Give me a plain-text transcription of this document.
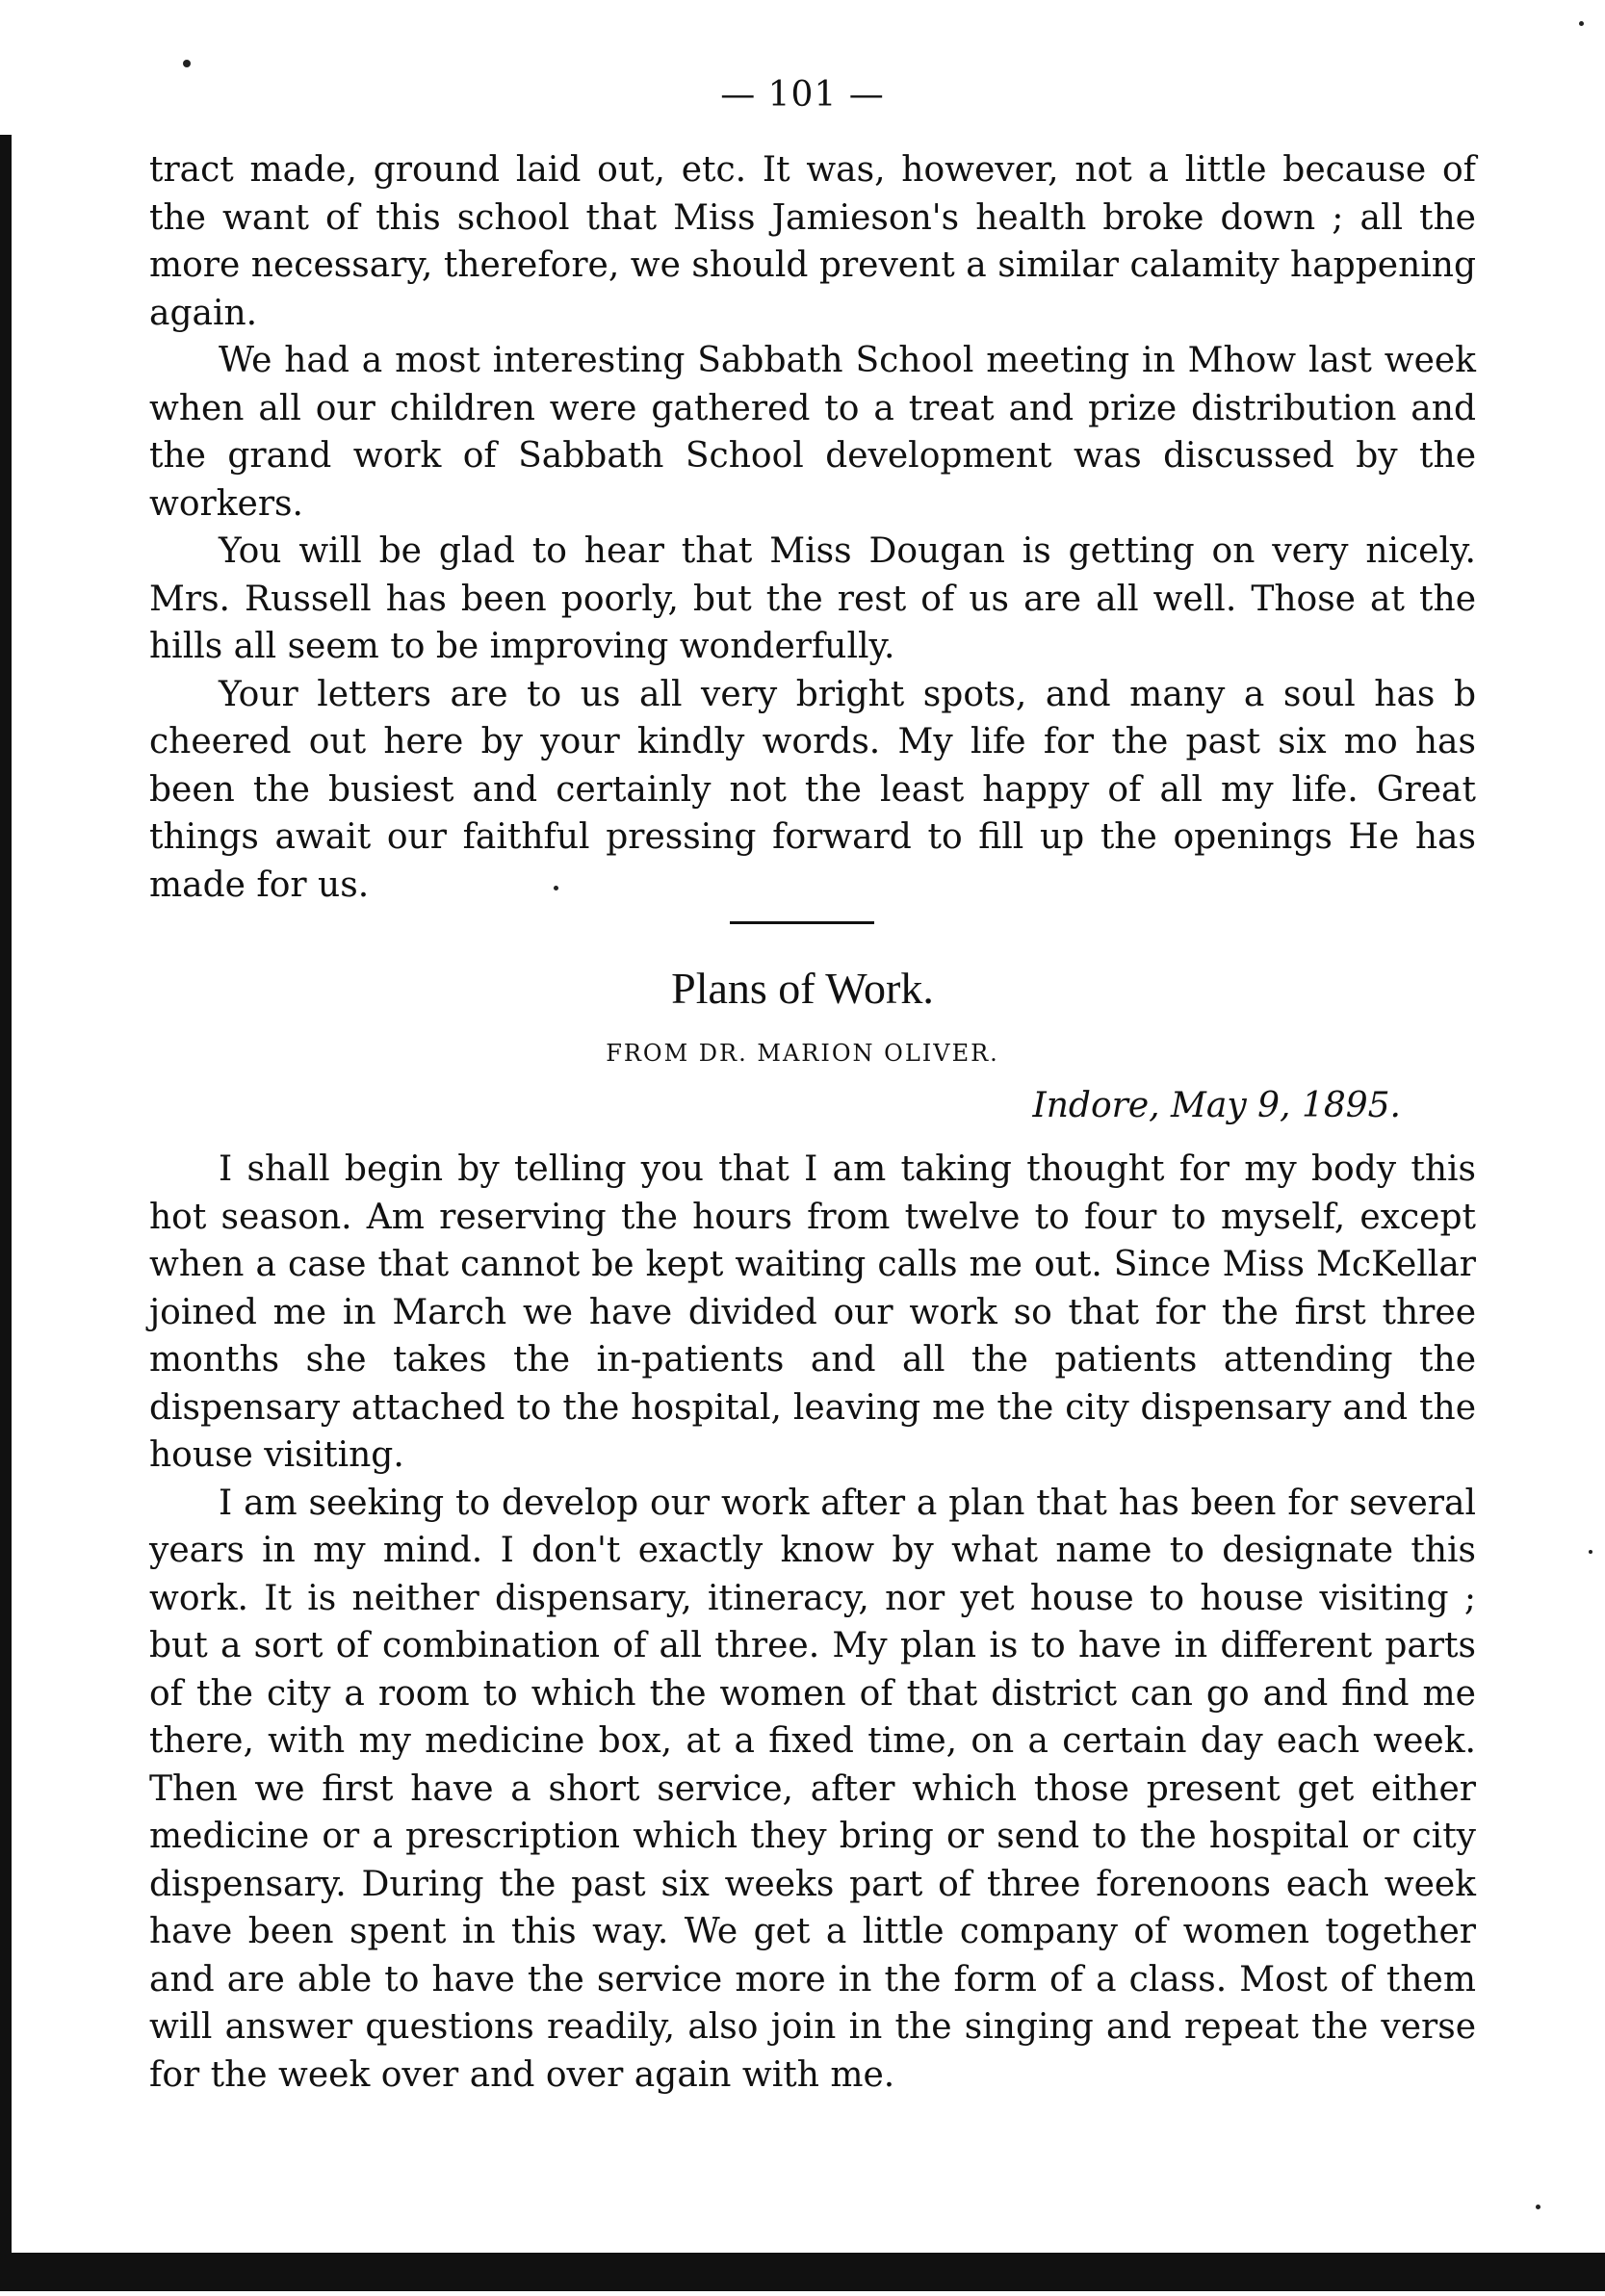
— 101 —

tract made, ground laid out, etc. It was, however, not a little because of the want of this school that Miss Jamieson's health broke down ; all the more necessary, therefore, we should prevent a similar calamity happening again.

We had a most interesting Sabbath School meeting in Mhow last week when all our children were gathered to a treat and prize distribution and the grand work of Sabbath School development was discussed by the workers.

You will be glad to hear that Miss Dougan is getting on very nicely. Mrs. Russell has been poorly, but the rest of us are all well. Those at the hills all seem to be improving wonderfully.

Your letters are to us all very bright spots, and many a soul has b cheered out here by your kindly words. My life for the past six mo has been the busiest and certainly not the least happy of all my life. Great things await our faithful pressing forward to fill up the openings He has made for us.

Plans of Work.
FROM DR. MARION OLIVER.
Indore, May 9, 1895.

I shall begin by telling you that I am taking thought for my body this hot season. Am reserving the hours from twelve to four to myself, except when a case that cannot be kept waiting calls me out. Since Miss McKellar joined me in March we have divided our work so that for the first three months she takes the in-patients and all the patients attending the dispensary attached to the hospital, leaving me the city dispensary and the house visiting.

I am seeking to develop our work after a plan that has been for several years in my mind. I don't exactly know by what name to designate this work. It is neither dispensary, itineracy, nor yet house to house visiting ; but a sort of combination of all three. My plan is to have in different parts of the city a room to which the women of that district can go and find me there, with my medicine box, at a fixed time, on a certain day each week. Then we first have a short service, after which those present get either medicine or a prescription which they bring or send to the hospital or city dispensary. During the past six weeks part of three forenoons each week have been spent in this way. We get a little company of women together and are able to have the service more in the form of a class. Most of them will answer questions readily, also join in the singing and repeat the verse for the week over and over again with me.
